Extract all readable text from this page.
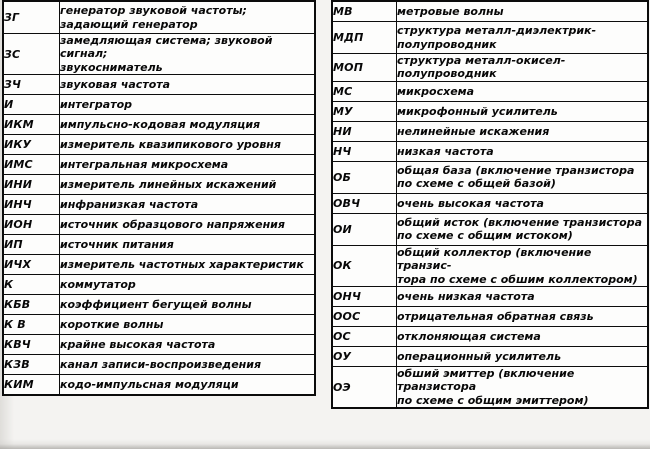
ЗГ	генератор звуковой частоты;
задающий генератор

ЗС	замедляющая система; звуковой сигнал;
звукосниматель

ЗЧ	звуковая частота

И	интегратор

ИКМ	импульсно-кодовая модуляция

ИКУ	измеритель квазипикового уровня

ИМС	интегральная микросхема

ИНИ	измеритель линейных искажений

ИНЧ	инфранизкая частота

ИОН	источник образцового напряжения

ИП	источник питания

ИЧХ	измеритель частотных характеристик

К	коммутатор

КБВ	коэффициент бегущей волны

К В	короткие волны

КВЧ	крайне высокая частота

КЗВ	канал записи-воспроизведения

КИМ	кодо-импульсная модуляци
МВ	метровые волны

МДП	структура металл-диэлектрик-
полупроводник

МОП	структура металл-окисел-полупроводник

МС	микросхема

МУ	микрофонный усилитель

НИ	нелинейные искажения

НЧ	низкая частота

ОБ	общая база (включение транзистора
по схеме с общей базой)

ОВЧ	очень высокая частота

ОИ	общий исток (включение транзистора
по схеме с общим истоком)

ОК	общий коллектор (включение транзис-
тора по схеме с обшим коллектором)

ОНЧ	очень низкая частота

ООС	отрицательная обратная связь

ОС	отклоняющая система

ОУ	операционный усилитель

ОЭ	обший эмиттер (включение транзистора
по схеме с общим эмиттером)
